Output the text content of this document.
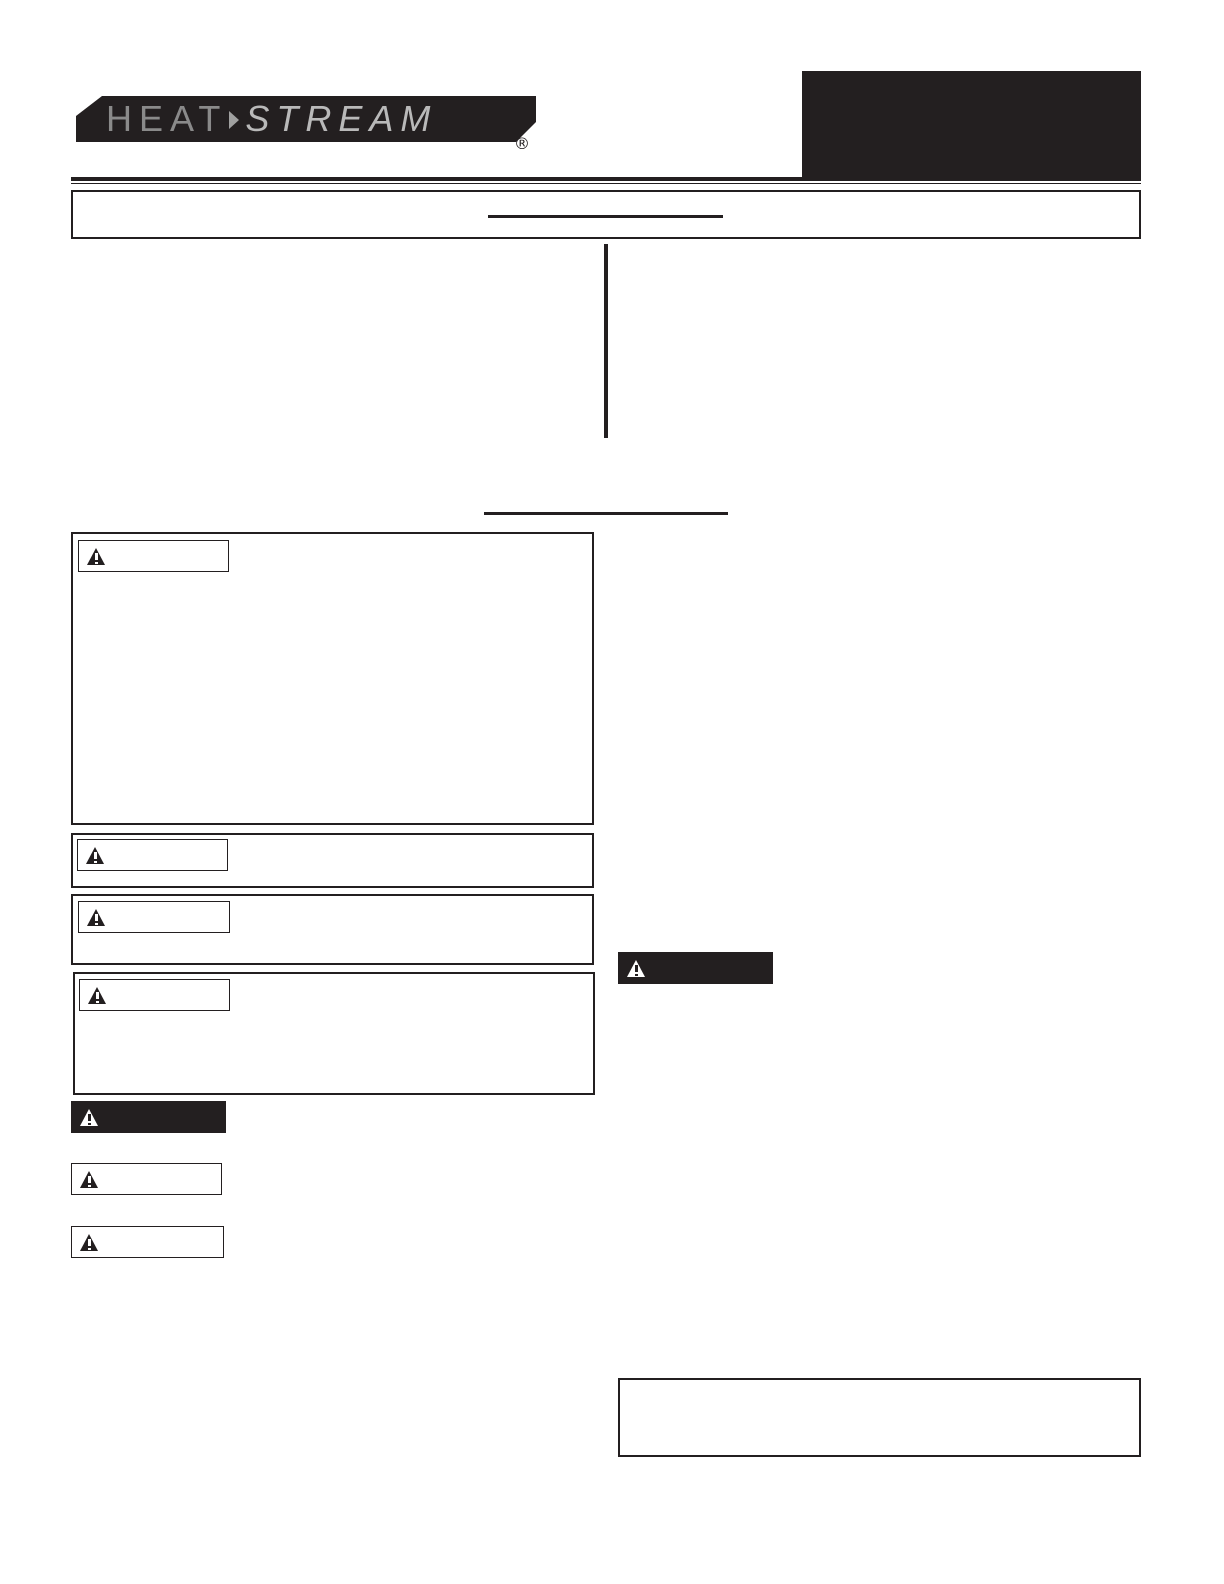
HEAT STREAM
®
